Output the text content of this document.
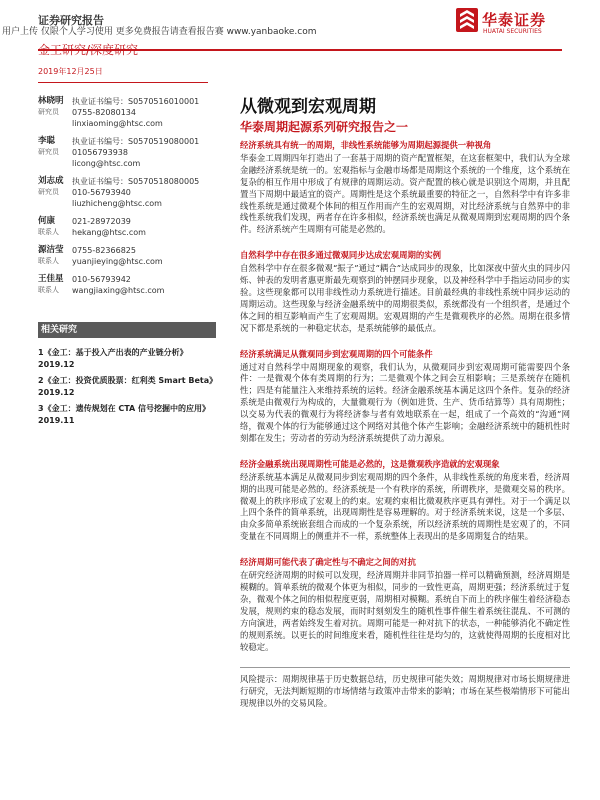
证券研究报告
用户上传 仅限个人学习使用 更多免费报告请查看报告赛 www.yanbaoke.com
华泰证券
HUATAI SECURITIES
金工研究/深度研究
2019年12月25日
林晓明
研究员
执业证书编号：S0570516010001
0755-82080134
linxiaoming@htsc.com
李聪
研究员
执业证书编号：S0570519080001
01056793938
licong@htsc.com
刘志成
研究员
执业证书编号：S0570518080005
010-56793940
liuzhicheng@htsc.com
何康
联系人
021-28972039
hekang@htsc.com
源洁莹
联系人
0755-82366825
yuanjieying@htsc.com
王佳星
联系人
010-56793942
wangjiaxing@htsc.com
相关研究
1《金工：基于投入产出表的产业链分析》2019.12
2《金工：投资优质股票：红利类 Smart Beta》2019.12
3《金工：遗传规划在 CTA 信号挖掘中的应用》2019.11
从微观到宏观周期
华泰周期起源系列研究报告之一
经济系统具有统一的周期，非线性系统能够为周期起源提供一种视角
华泰金工周期四年打造出了一套基于周期的资产配置框架，在这套框架中，我们认为全球金融经济系统是统一的。宏观指标与金融市场都是周期这个系统的一个维度，这个系统在复杂的相互作用中形成了有规律的周期运动。资产配置的核心就是识别这个周期，并且配置当下周期中最适宜的资产。周期性是这个系统最重要的特征之一，自然科学中有许多非线性系统是通过微观个体间的相互作用而产生的宏观周期，对比经济系统与自然界中的非线性系统我们发现，两者存在许多相似，经济系统也满足从微观周期到宏观周期的四个条件。经济系统产生周期有可能是必然的。
自然科学中存在很多通过微观同步达成宏观周期的实例
自然科学中存在很多微观“振子”通过“耦合”达成同步的现象，比如深夜中萤火虫的同步闪烁、钟表的发明者惠更斯最先观察到的钟摆同步现象，以及神经科学中手指运动同步的实验。这些现象都可以用非线性动力系统进行描述。目前最经典的非线性系统中同步运动的周期运动。这些现象与经济金融系统中的周期很类似，系统都没有一个组织者，是通过个体之间的相互影响而产生了宏观周期。宏观周期的产生是微观秩序的必然。周期在很多情况下都是系统的一种稳定状态，是系统能够的最低点。
经济系统满足从微观同步到宏观周期的四个可能条件
通过对自然科学中周期现象的观察，我们认为，从微观同步到宏观周期可能需要四个条件：一是微观个体有类周期的行为；二是微观个体之间会互相影响；三是系统存在随机性；四是有能量注入来维持系统的运转。经济金融系统基本满足这四个条件。复杂的经济系统是由微观行为构成的，大量微观行为（例如进货、生产、货币结算等）具有周期性；以交易为代表的微观行为将经济参与者有效地联系在一起，组成了一个高效的“沟通”网络，微观个体的行为能够通过这个网络对其他个体产生影响；金融经济系统中的随机性时刻都在发生；劳动者的劳动为经济系统提供了动力源泉。
经济金融系统出现周期性可能是必然的，这是微观秩序造就的宏观现象
经济系统基本满足从微观同步到宏观周期的四个条件，从非线性系统的角度来看，经济周期的出现可能是必然的。经济系统是一个有秩序的系统，所谓秩序，是微观交易的秩序。微观上的秩序形成了宏观上的约束。宏观约束相比微观秩序更具有弹性。对于一个满足以上四个条件的简单系统，出现周期性是容易理解的。对于经济系统来说，这是一个多层、由众多简单系统嵌套组合而成的一个复杂系统，所以经济系统的周期性是宏观了的，不同变量在不同周期上的侧重并不一样，系统整体上表现出的是多周期复合的结果。
经济周期可能代表了确定性与不确定之间的对抗
在研究经济周期的时候可以发现，经济周期并非同节拍器一样可以精确预测，经济周期是模糊的。简单系统的微观个体更为相似，同步的一致性更高，周期更强；经济系统过于复杂，微观个体之间的相似程度更弱，周期相对模糊。系统自下而上的秩序催生着经济稳态发展，规则约束的稳态发展，而时时刻刻发生的随机性事件催生着系统往混乱、不可测的方向演进，两者始终发生着对抗。周期可能是一种对抗下的状态，一种能够消化不确定性的规则系统。以更长的时间维度来看，随机性往往是均匀的，这就使得周期的长度相对比较稳定。
风险提示：周期规律基于历史数据总结，历史规律可能失效；周期规律对市场长期规律进行研究，无法判断短期的市场情绪与政策冲击带来的影响；市场在某些极端情形下可能出现规律以外的交易风险。
